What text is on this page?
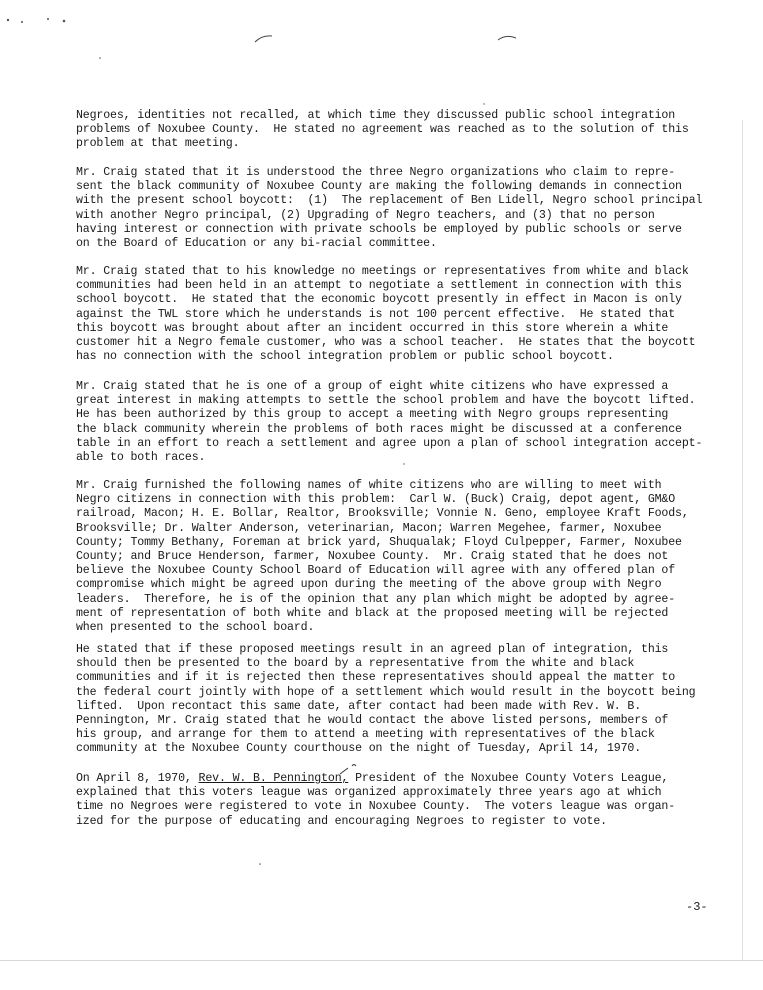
Negroes, identities not recalled, at which time they discussed public school integration
problems of Noxubee County.  He stated no agreement was reached as to the solution of this
problem at that meeting.

Mr. Craig stated that it is understood the three Negro organizations who claim to repre-
sent the black community of Noxubee County are making the following demands in connection
with the present school boycott:  (1)  The replacement of Ben Lidell, Negro school principal
with another Negro principal, (2) Upgrading of Negro teachers, and (3) that no person
having interest or connection with private schools be employed by public schools or serve
on the Board of Education or any bi-racial committee.

Mr. Craig stated that to his knowledge no meetings or representatives from white and black
communities had been held in an attempt to negotiate a settlement in connection with this
school boycott.  He stated that the economic boycott presently in effect in Macon is only
against the TWL store which he understands is not 100 percent effective.  He stated that
this boycott was brought about after an incident occurred in this store wherein a white
customer hit a Negro female customer, who was a school teacher.  He states that the boycott
has no connection with the school integration problem or public school boycott.

Mr. Craig stated that he is one of a group of eight white citizens who have expressed a
great interest in making attempts to settle the school problem and have the boycott lifted.
He has been authorized by this group to accept a meeting with Negro groups representing
the black community wherein the problems of both races might be discussed at a conference
table in an effort to reach a settlement and agree upon a plan of school integration accept-
able to both races.

Mr. Craig furnished the following names of white citizens who are willing to meet with
Negro citizens in connection with this problem:  Carl W. (Buck) Craig, depot agent, GM&O
railroad, Macon; H. E. Bollar, Realtor, Brooksville; Vonnie N. Geno, employee Kraft Foods,
Brooksville; Dr. Walter Anderson, veterinarian, Macon; Warren Megehee, farmer, Noxubee
County; Tommy Bethany, Foreman at brick yard, Shuqualak; Floyd Culpepper, Farmer, Noxubee
County; and Bruce Henderson, farmer, Noxubee County.  Mr. Craig stated that he does not
believe the Noxubee County School Board of Education will agree with any offered plan of
compromise which might be agreed upon during the meeting of the above group with Negro
leaders.  Therefore, he is of the opinion that any plan which might be adopted by agree-
ment of representation of both white and black at the proposed meeting will be rejected
when presented to the school board.

He stated that if these proposed meetings result in an agreed plan of integration, this
should then be presented to the board by a representative from the white and black
communities and if it is rejected then these representatives should appeal the matter to
the federal court jointly with hope of a settlement which would result in the boycott being
lifted.  Upon recontact this same date, after contact had been made with Rev. W. B.
Pennington, Mr. Craig stated that he would contact the above listed persons, members of
his group, and arrange for them to attend a meeting with representatives of the black
community at the Noxubee County courthouse on the night of Tuesday, April 14, 1970.

On April 8, 1970, Rev. W. B. Pennington, President of the Noxubee County Voters League,
explained that this voters league was organized approximately three years ago at which
time no Negroes were registered to vote in Noxubee County.  The voters league was organ-
ized for the purpose of educating and encouraging Negroes to register to vote.

-3-
